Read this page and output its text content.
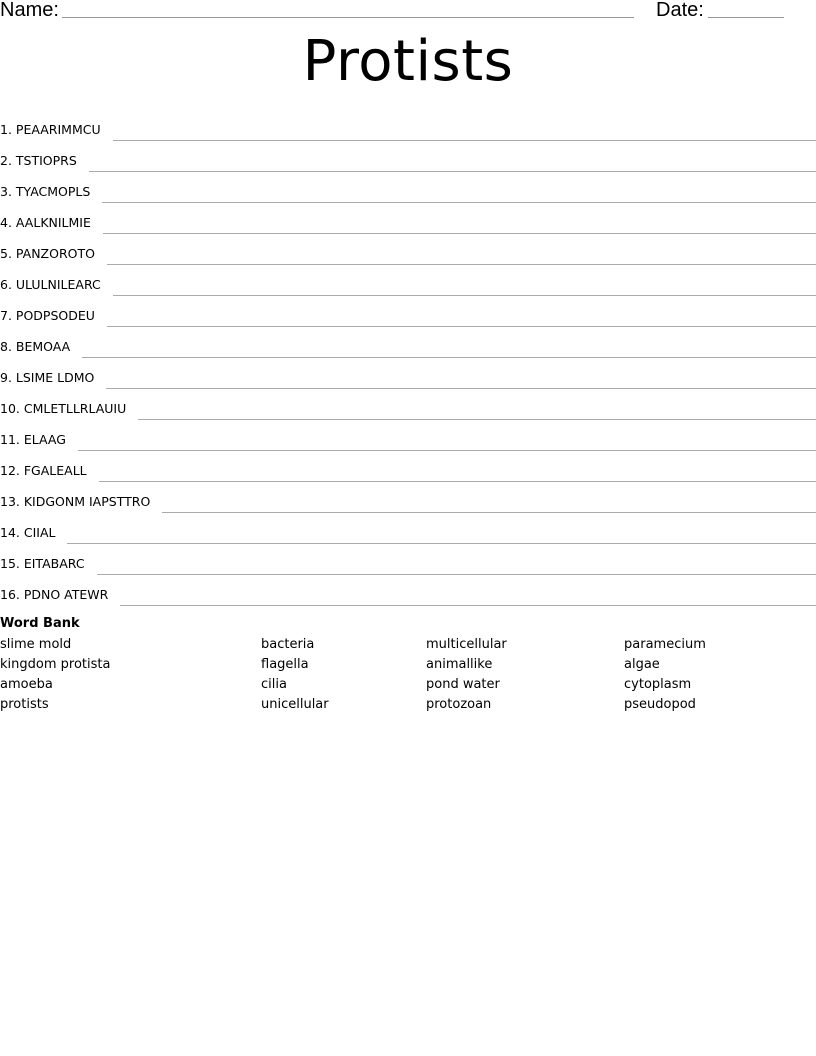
Name:	Date:
Protists
1. PEAARIMMCU
2. TSTIOPRS
3. TYACMOPLS
4. AALKNILMIE
5. PANZOROTO
6. ULULNILEARC
7. PODPSODEU
8. BEMOAA
9. LSIME LDMO
10. CMLETLLRLAUIU
11. ELAAG
12. FGALEALL
13. KIDGONM IAPSTTRO
14. CIIAL
15. EITABARC
16. PDNO ATEWR
Word Bank
slime mold	bacteria	multicellular	paramecium
kingdom protista	flagella	animallike	algae
amoeba	cilia	pond water	cytoplasm
protists	unicellular	protozoan	pseudopod
